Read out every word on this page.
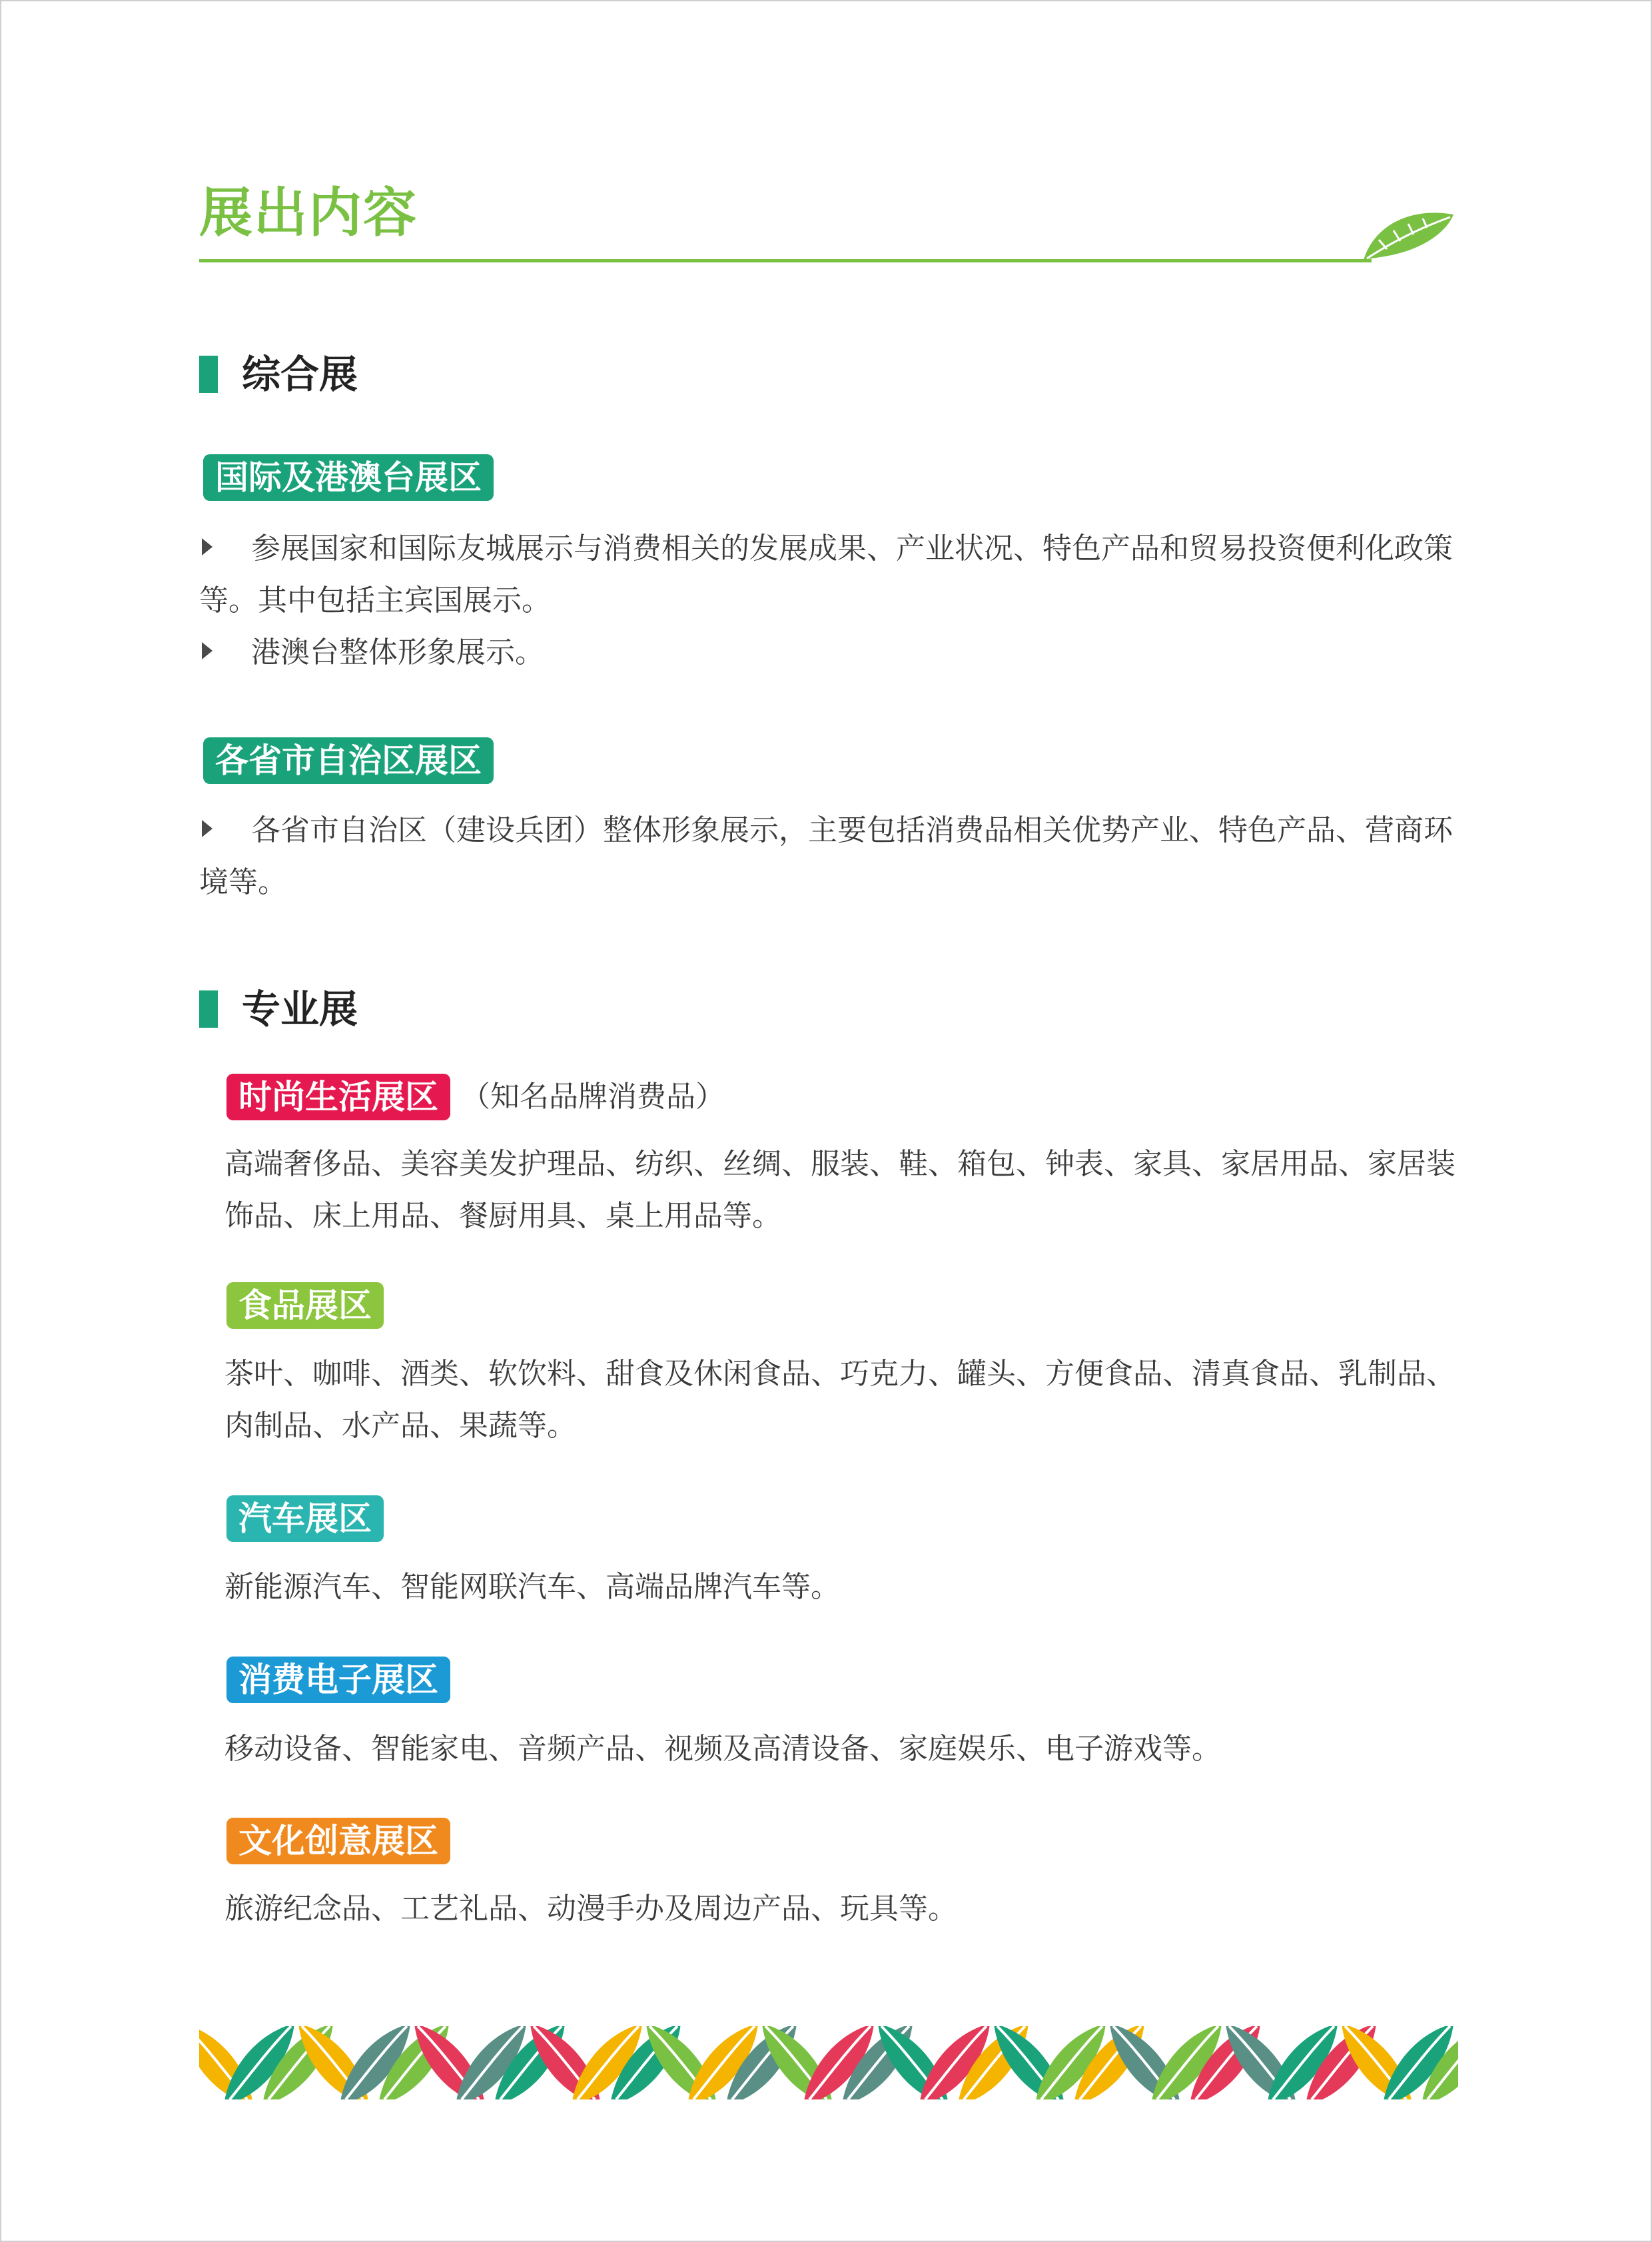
展出内容
综合展
国际及港澳台展区
参展国家和国际友城展示与消费相关的发展成果、产业状况、特色产品和贸易投资便利化政策等。其中包括主宾国展示。
港澳台整体形象展示。
各省市自治区展区
各省市自治区（建设兵团）整体形象展示，主要包括消费品相关优势产业、特色产品、营商环境等。
专业展
时尚生活展区 （知名品牌消费品）
高端奢侈品、美容美发护理品、纺织、丝绸、服装、鞋、箱包、钟表、家具、家居用品、家居装饰品、床上用品、餐厨用具、桌上用品等。
食品展区
茶叶、咖啡、酒类、软饮料、甜食及休闲食品、巧克力、罐头、方便食品、清真食品、乳制品、肉制品、水产品、果蔬等。
汽车展区
新能源汽车、智能网联汽车、高端品牌汽车等。
消费电子展区
移动设备、智能家电、音频产品、视频及高清设备、家庭娱乐、电子游戏等。
文化创意展区
旅游纪念品、工艺礼品、动漫手办及周边产品、玩具等。
